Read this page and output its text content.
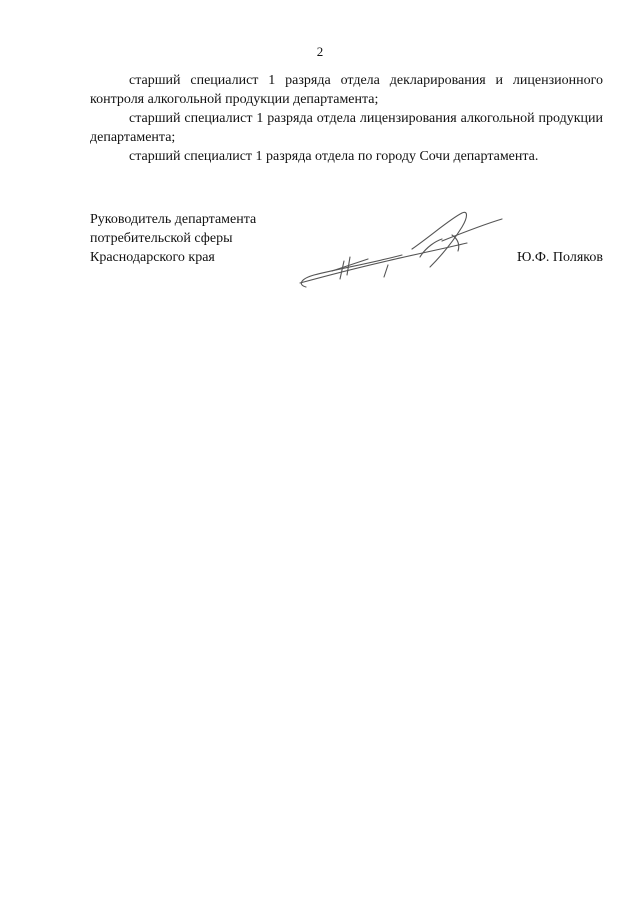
2

старший специалист 1 разряда отдела декларирования и лицензионного контроля алкогольной продукции департамента;

старший специалист 1 разряда отдела лицензирования алкогольной продукции департамента;

старший специалист 1 разряда отдела по городу Сочи департамента.

Руководитель департамента
потребительской сферы
Краснодарского края	Ю.Ф. Поляков
